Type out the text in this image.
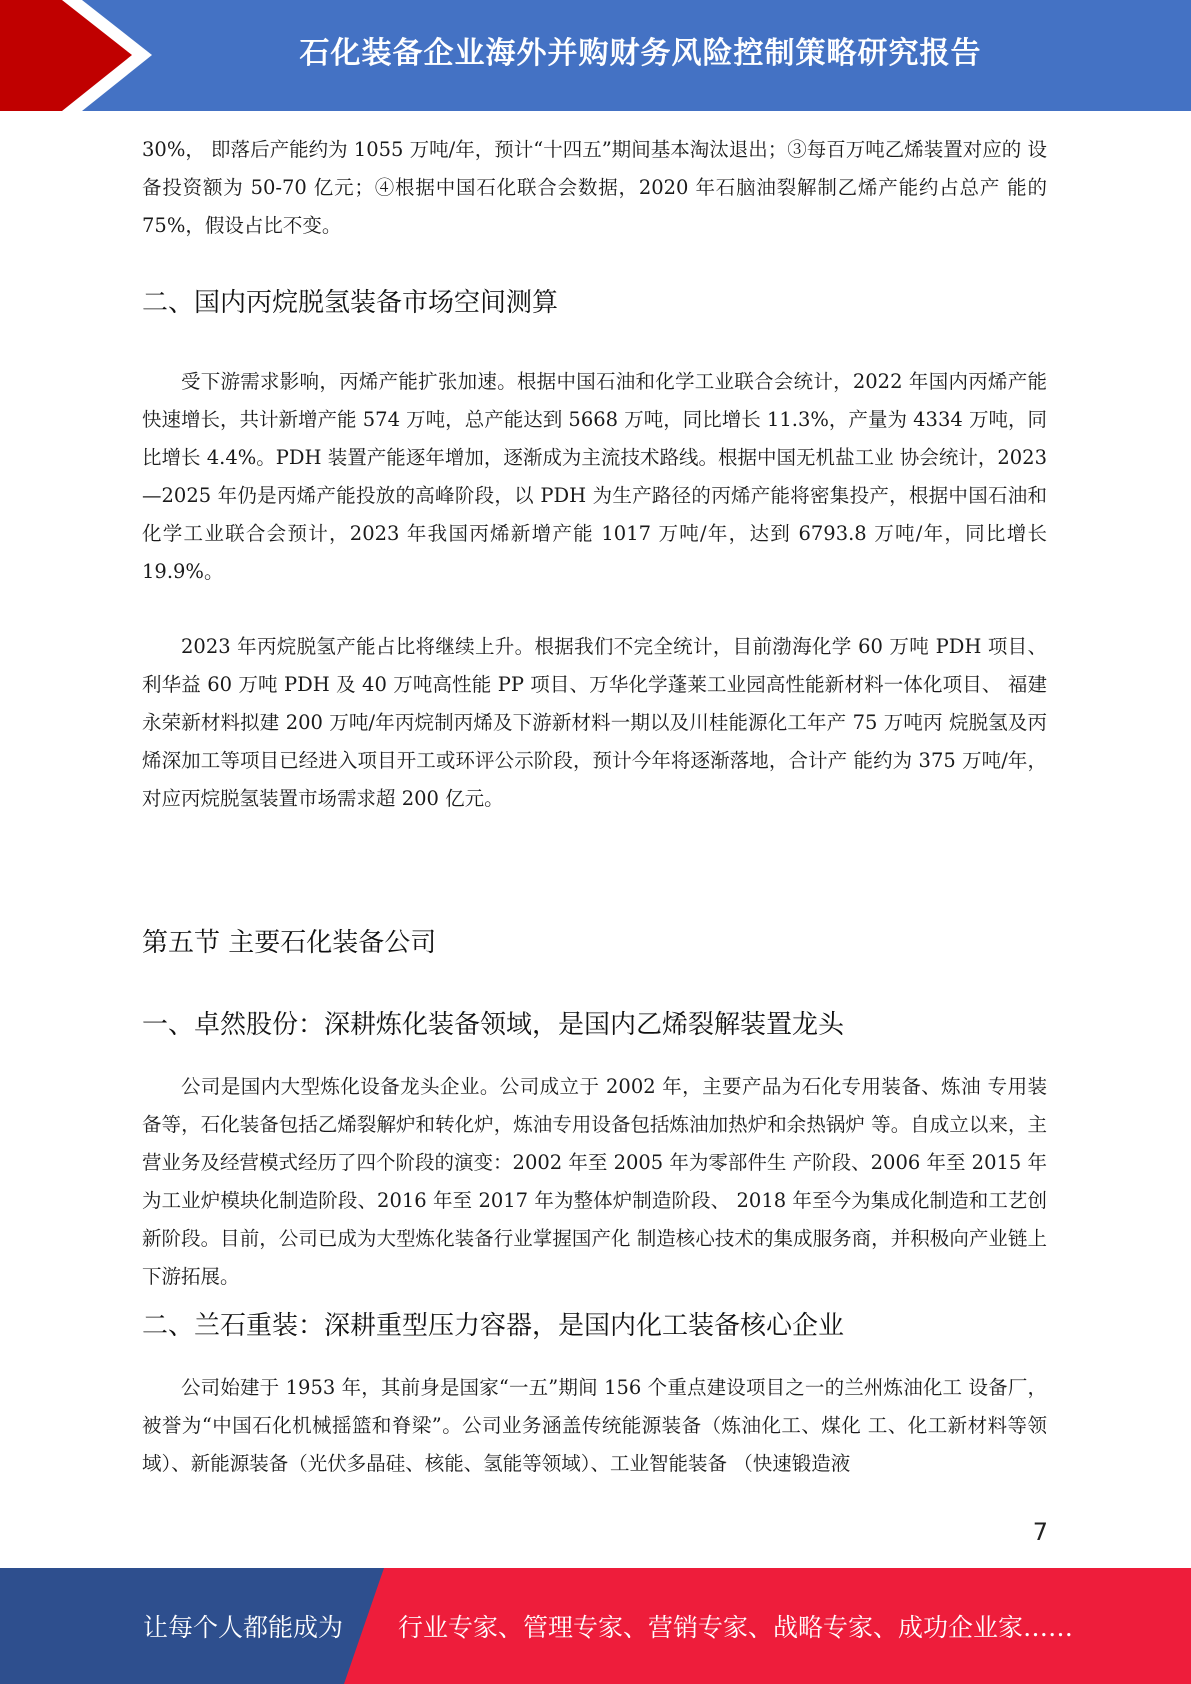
石化装备企业海外并购财务风险控制策略研究报告

30%， 即落后产能约为 1055 万吨/年，预计“十四五”期间基本淘汰退出；③每百万吨乙烯装置对应的 设备投资额为 50-70 亿元；④根据中国石化联合会数据，2020 年石脑油裂解制乙烯产能约占总产 能的 75%，假设占比不变。

二、国内丙烷脱氢装备市场空间测算

受下游需求影响，丙烯产能扩张加速。根据中国石油和化学工业联合会统计，2022 年国内丙烯产能快速增长，共计新增产能 574 万吨，总产能达到 5668 万吨，同比增长 11.3%，产量为 4334 万吨，同比增长 4.4%。PDH 装置产能逐年增加，逐渐成为主流技术路线。根据中国无机盐工业 协会统计，2023—2025 年仍是丙烯产能投放的高峰阶段，以 PDH 为生产路径的丙烯产能将密集投产，根据中国石油和化学工业联合会预计，2023 年我国丙烯新增产能 1017 万吨/年，达到 6793.8 万吨/年，同比增长 19.9%。

2023 年丙烷脱氢产能占比将继续上升。根据我们不完全统计，目前渤海化学 60 万吨 PDH 项目、利华益 60 万吨 PDH 及 40 万吨高性能 PP 项目、万华化学蓬莱工业园高性能新材料一体化项目、 福建永荣新材料拟建 200 万吨/年丙烷制丙烯及下游新材料一期以及川桂能源化工年产 75 万吨丙 烷脱氢及丙烯深加工等项目已经进入项目开工或环评公示阶段，预计今年将逐渐落地，合计产 能约为 375 万吨/年，对应丙烷脱氢装置市场需求超 200 亿元。

第五节 主要石化装备公司
一、卓然股份：深耕炼化装备领域，是国内乙烯裂解装置龙头

公司是国内大型炼化设备龙头企业。公司成立于 2002 年，主要产品为石化专用装备、炼油 专用装备等，石化装备包括乙烯裂解炉和转化炉，炼油专用设备包括炼油加热炉和余热锅炉 等。自成立以来，主营业务及经营模式经历了四个阶段的演变：2002 年至 2005 年为零部件生 产阶段、2006 年至 2015 年为工业炉模块化制造阶段、2016 年至 2017 年为整体炉制造阶段、 2018 年至今为集成化制造和工艺创新阶段。目前，公司已成为大型炼化装备行业掌握国产化 制造核心技术的集成服务商，并积极向产业链上下游拓展。

二、兰石重装：深耕重型压力容器，是国内化工装备核心企业

公司始建于 1953 年，其前身是国家“一五”期间 156 个重点建设项目之一的兰州炼油化工 设备厂，被誉为“中国石化机械摇篮和脊梁”。公司业务涵盖传统能源装备（炼油化工、煤化 工、化工新材料等领域）、新能源装备（光伏多晶硅、核能、氢能等领域）、工业智能装备 （快速锻造液

7
让每个人都能成为 行业专家、管理专家、营销专家、战略专家、成功企业家……
